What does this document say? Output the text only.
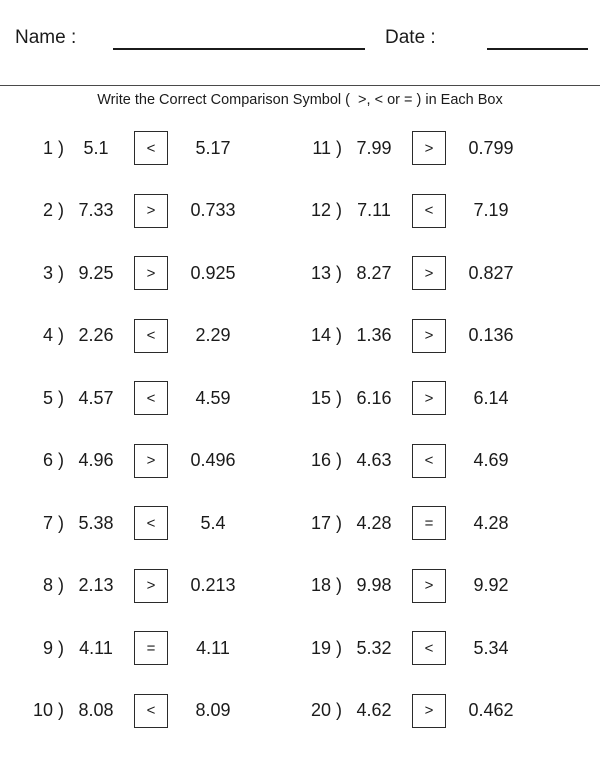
Name :	Date :
Write the Correct Comparison Symbol (  >, < or = ) in Each Box
1 )	5.1	<	5.17
2 ) 7.33	>	0.733
3 ) 9.25	>	0.925
4 ) 2.26	<	2.29
5 ) 4.57	<	4.59
6 ) 4.96	>	0.496
7 ) 5.38	<	5.4
8 ) 2.13	>	0.213
9 ) 4.11	=	4.11
10 ) 8.08	<	8.09
11 ) 7.99	>	0.799
12 ) 7.11	<	7.19
13 ) 8.27	>	0.827
14 ) 1.36	>	0.136
15 ) 6.16	>	6.14
16 ) 4.63	<	4.69
17 ) 4.28	=	4.28
18 ) 9.98	>	9.92
19 ) 5.32	<	5.34
20 ) 4.62	>	0.462
